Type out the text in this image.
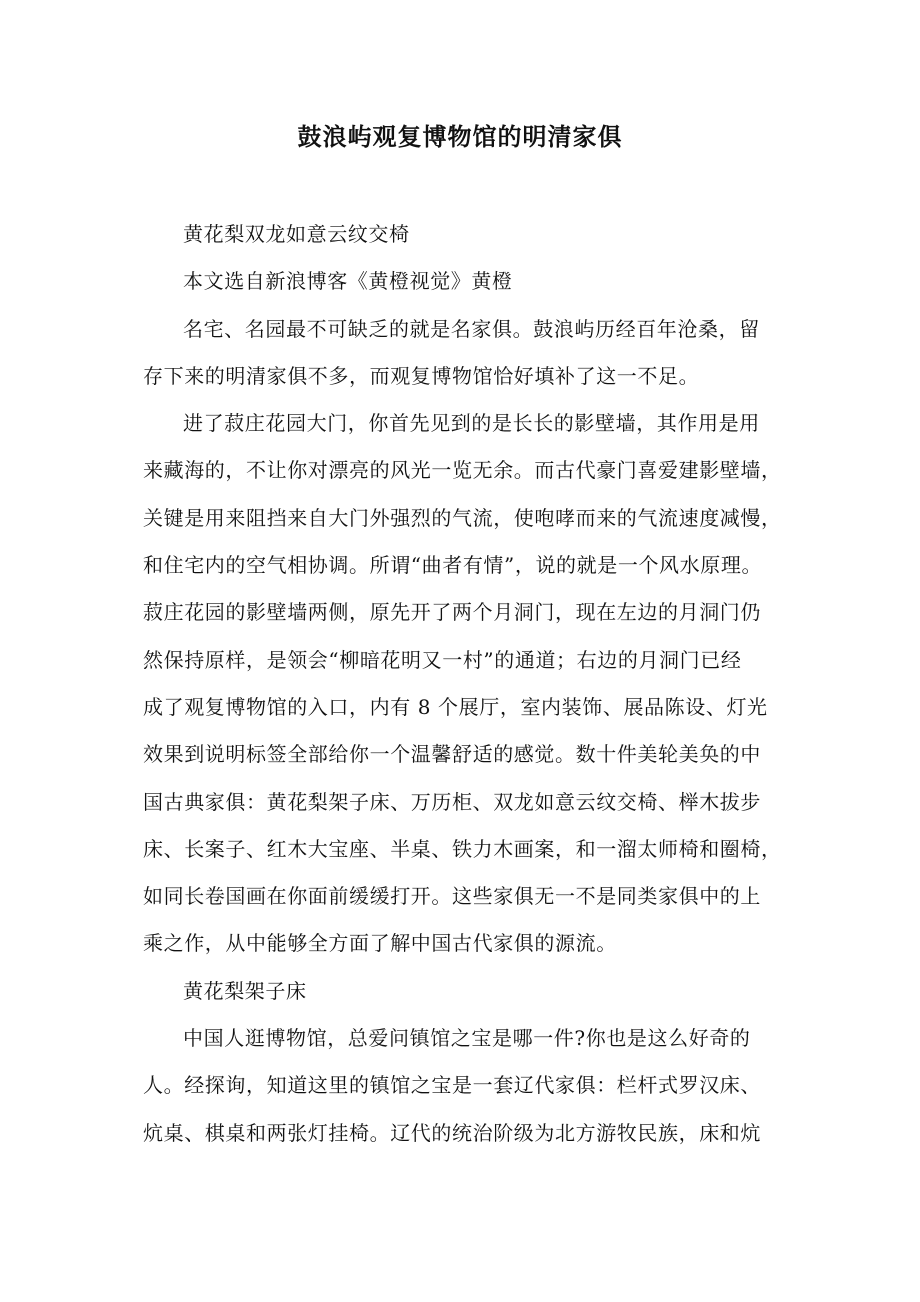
鼓浪屿观复博物馆的明清家俱
黄花梨双龙如意云纹交椅
本文选自新浪博客《黄橙视觉》黄橙
名宅、名园最不可缺乏的就是名家俱。鼓浪屿历经百年沧桑，留
存下来的明清家俱不多，而观复博物馆恰好填补了这一不足。
进了菽庄花园大门，你首先见到的是长长的影壁墙，其作用是用
来藏海的，不让你对漂亮的风光一览无余。而古代豪门喜爱建影壁墙，
关键是用来阻挡来自大门外强烈的气流，使咆哮而来的气流速度减慢，
和住宅内的空气相协调。所谓“曲者有情”，说的就是一个风水原理。
菽庄花园的影壁墙两侧，原先开了两个月洞门，现在左边的月洞门仍
然保持原样，是领会“柳暗花明又一村”的通道；右边的月洞门已经
成了观复博物馆的入口，内有 8 个展厅，室内装饰、展品陈设、灯光
效果到说明标签全部给你一个温馨舒适的感觉。数十件美轮美奂的中
国古典家俱：黄花梨架子床、万历柜、双龙如意云纹交椅、榉木拔步
床、长案子、红木大宝座、半桌、铁力木画案，和一溜太师椅和圈椅，
如同长卷国画在你面前缓缓打开。这些家俱无一不是同类家俱中的上
乘之作，从中能够全方面了解中国古代家俱的源流。
黄花梨架子床
中国人逛博物馆，总爱问镇馆之宝是哪一件?你也是这么好奇的
人。经探询，知道这里的镇馆之宝是一套辽代家俱：栏杆式罗汉床、
炕桌、棋桌和两张灯挂椅。辽代的统治阶级为北方游牧民族，床和炕
